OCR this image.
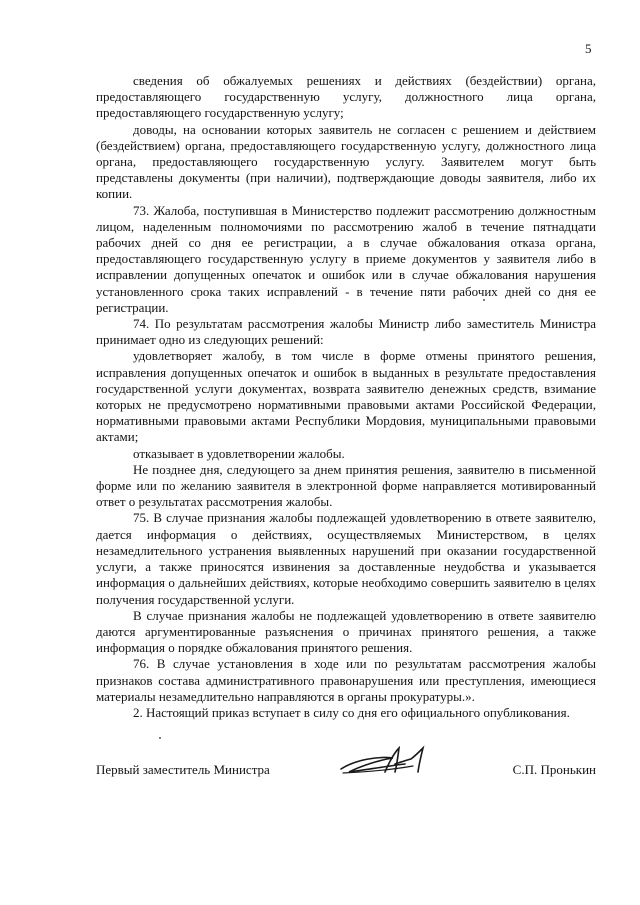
5

сведения об обжалуемых решениях и действиях (бездействии) органа, предоставляющего государственную услугу, должностного лица органа, предоставляющего государственную услугу;

доводы, на основании которых заявитель не согласен с решением и действием (бездействием) органа, предоставляющего государственную услугу, должностного лица органа, предоставляющего государственную услугу. Заявителем могут быть представлены документы (при наличии), подтверждающие доводы заявителя, либо их копии.

73. Жалоба, поступившая в Министерство подлежит рассмотрению должностным лицом, наделенным полномочиями по рассмотрению жалоб в течение пятнадцати рабочих дней со дня ее регистрации, а в случае обжалования отказа органа, предоставляющего государственную услугу в приеме документов у заявителя либо в исправлении допущенных опечаток и ошибок или в случае обжалования нарушения установленного срока таких исправлений - в течение пяти рабочих дней со дня ее регистрации.

74. По результатам рассмотрения жалобы Министр либо заместитель Министра принимает одно из следующих решений:

удовлетворяет жалобу, в том числе в форме отмены принятого решения, исправления допущенных опечаток и ошибок в выданных в результате предоставления государственной услуги документах, возврата заявителю денежных средств, взимание которых не предусмотрено нормативными правовыми актами Российской Федерации, нормативными правовыми актами Республики Мордовия, муниципальными правовыми актами;

отказывает в удовлетворении жалобы.

Не позднее дня, следующего за днем принятия решения, заявителю в письменной форме или по желанию заявителя в электронной форме направляется мотивированный ответ о результатах рассмотрения жалобы.

75. В случае признания жалобы подлежащей удовлетворению в ответе заявителю, дается информация о действиях, осуществляемых Министерством, в целях незамедлительного устранения выявленных нарушений при оказании государственной услуги, а также приносятся извинения за доставленные неудобства и указывается информация о дальнейших действиях, которые необходимо совершить заявителю в целях получения государственной услуги.

В случае признания жалобы не подлежащей удовлетворению в ответе заявителю даются аргументированные разъяснения о причинах принятого решения, а также информация о порядке обжалования принятого решения.

76. В случае установления в ходе или по результатам рассмотрения жалобы признаков состава административного правонарушения или преступления, имеющиеся материалы незамедлительно направляются в органы прокуратуры.».

2. Настоящий приказ вступает в силу со дня его официального опубликования.

Первый заместитель Министра	С.П. Пронькин
